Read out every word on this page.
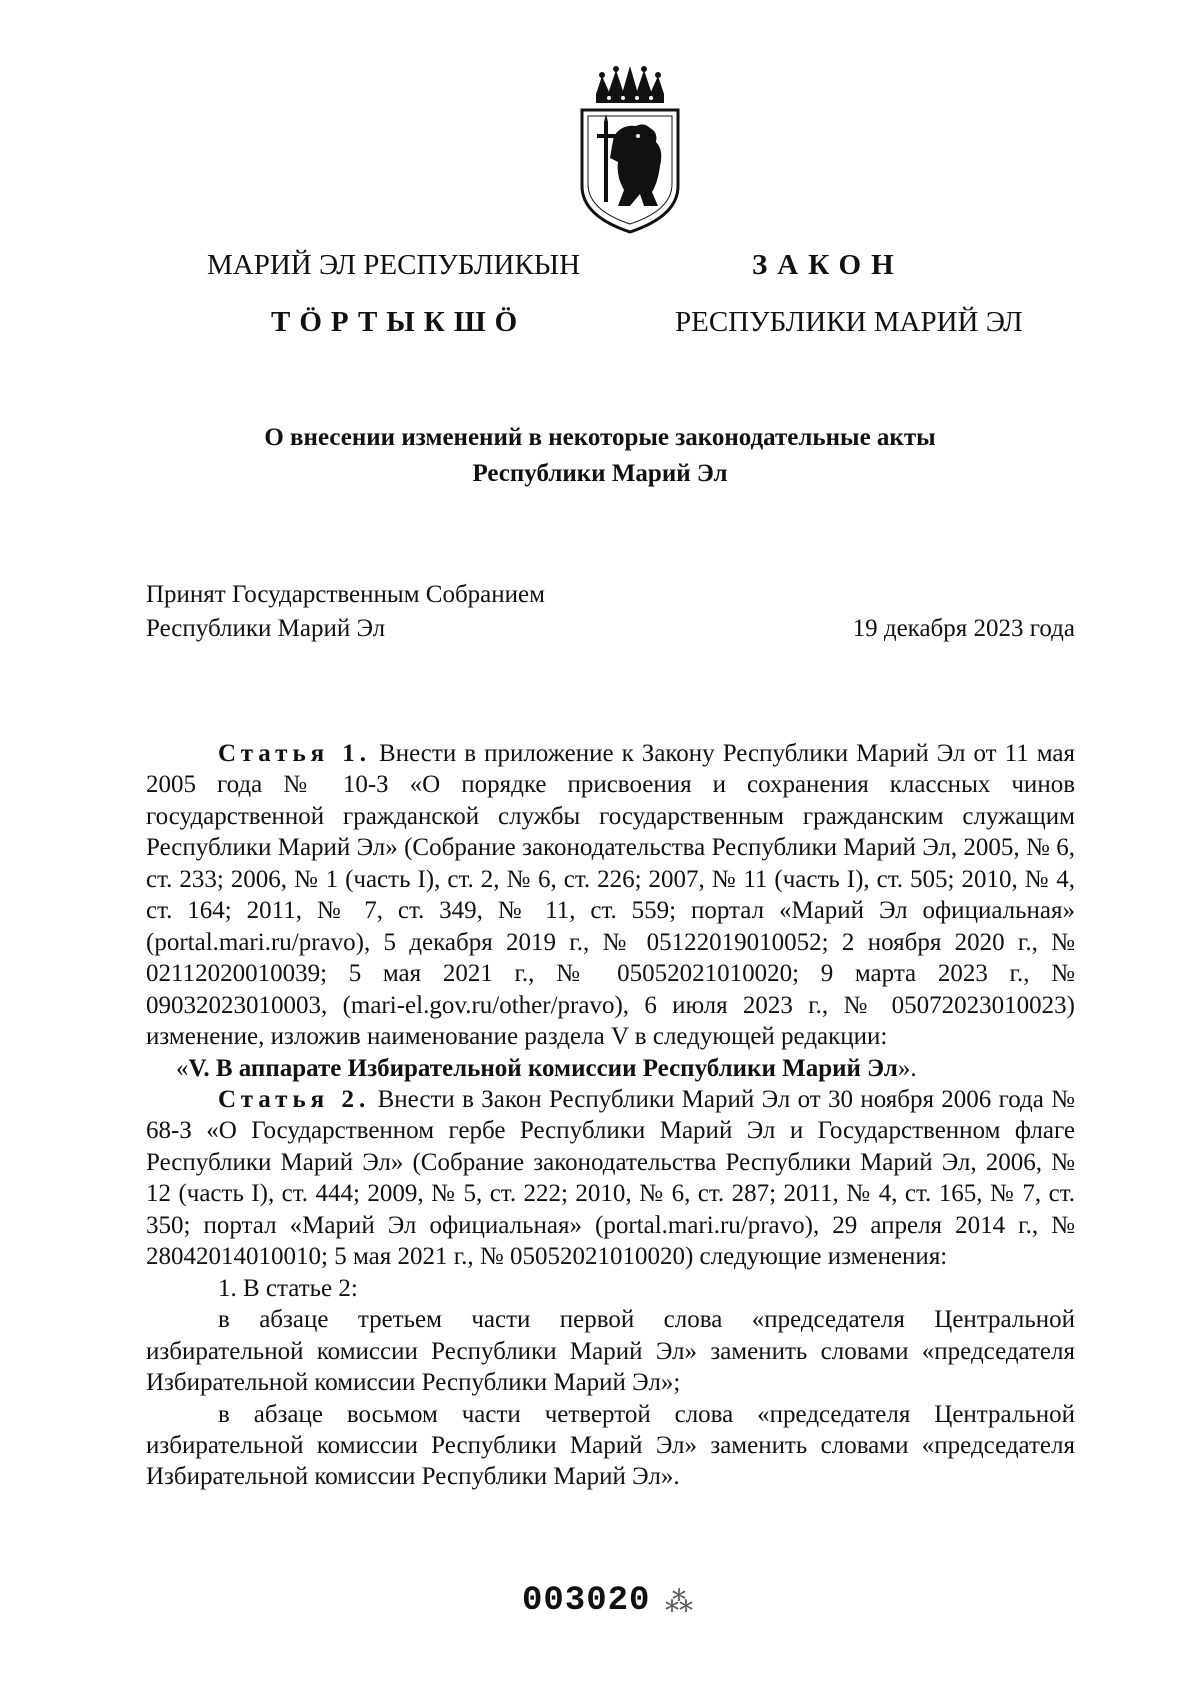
МАРИЙ ЭЛ РЕСПУБЛИКЫН
ТӦРТЫКШӦ
ЗАКОН
РЕСПУБЛИКИ МАРИЙ ЭЛ
О внесении изменений в некоторые законодательные акты
Республики Марий Эл
Принят Государственным Собранием
Республики Марий Эл	19 декабря 2023 года

Статья 1. Внести в приложение к Закону Республики Марий Эл от 11 мая 2005 года № 10-З «О порядке присвоения и сохранения классных чинов государственной гражданской службы государственным гражданским служащим Республики Марий Эл» (Собрание законодательства Республики Марий Эл, 2005, № 6, ст. 233; 2006, № 1 (часть I), ст. 2, № 6, ст. 226; 2007, № 11 (часть I), ст. 505; 2010, № 4, ст. 164; 2011, № 7, ст. 349, № 11, ст. 559; портал «Марий Эл официальная» (portal.mari.ru/pravo), 5 декабря 2019 г., № 05122019010052; 2 ноября 2020 г., № 02112020010039; 5 мая 2021 г., № 05052021010020; 9 марта 2023 г., № 09032023010003, (mari-el.gov.ru/other/pravo), 6 июля 2023 г., № 05072023010023) изменение, изложив наименование раздела V в следующей редакции:

«V. В аппарате Избирательной комиссии Республики Марий Эл».

Статья 2. Внести в Закон Республики Марий Эл от 30 ноября 2006 года № 68-З «О Государственном гербе Республики Марий Эл и Государственном флаге Республики Марий Эл» (Собрание законодательства Республики Марий Эл, 2006, № 12 (часть I), ст. 444; 2009, № 5, ст. 222; 2010, № 6, ст. 287; 2011, № 4, ст. 165, № 7, ст. 350; портал «Марий Эл официальная» (portal.mari.ru/pravo), 29 апреля 2014 г., № 28042014010010; 5 мая 2021 г., № 05052021010020) следующие изменения:

1. В статье 2:

в абзаце третьем части первой слова «председателя Центральной избирательной комиссии Республики Марий Эл» заменить словами «председателя Избирательной комиссии Республики Марий Эл»;

в абзаце восьмом части четвертой слова «председателя Центральной избирательной комиссии Республики Марий Эл» заменить словами «председателя Избирательной комиссии Республики Марий Эл».

003020 ⁂
